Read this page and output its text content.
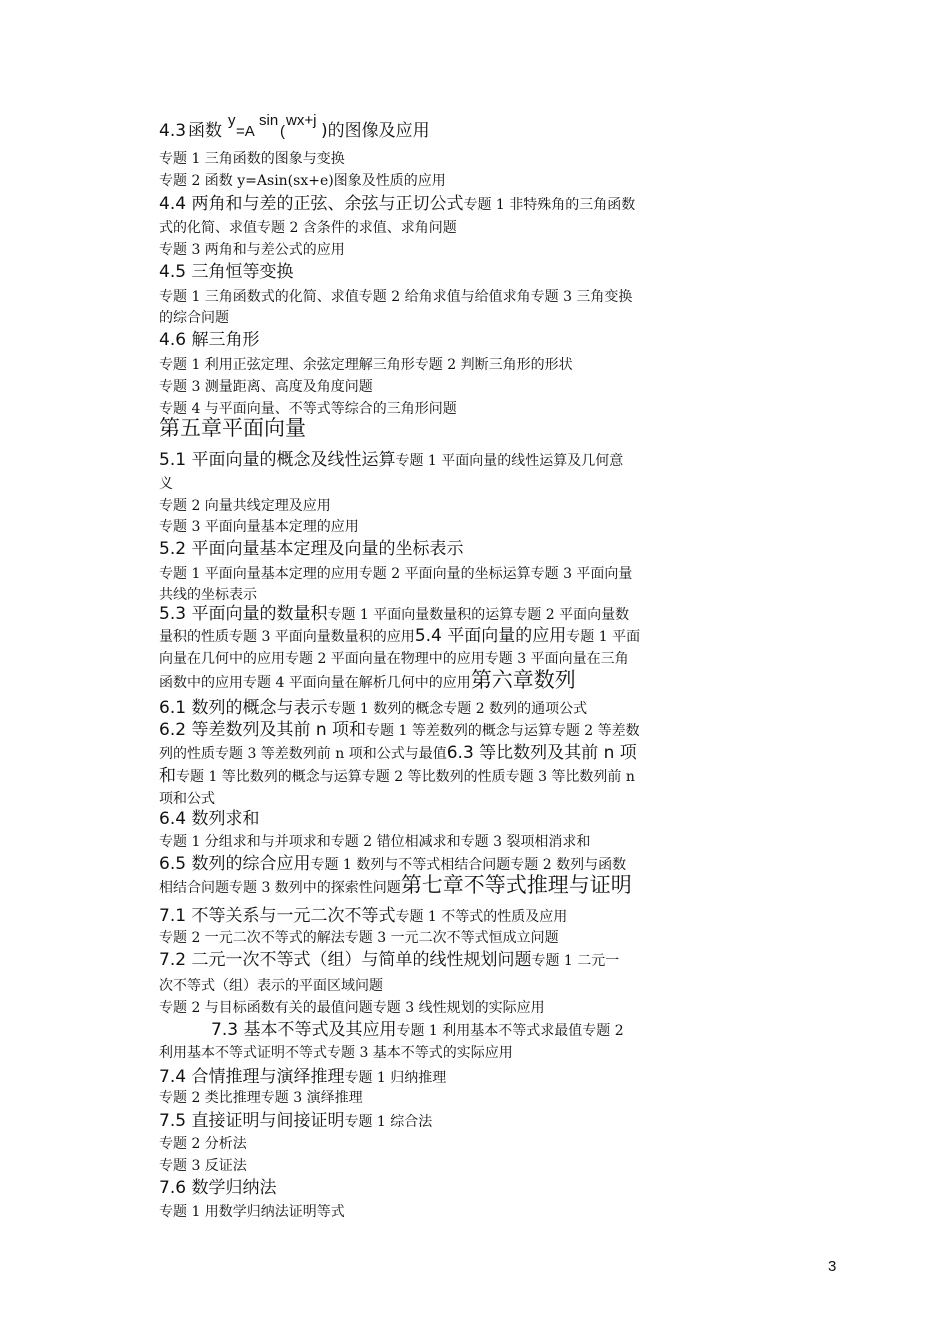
4.3 函数
y
=A
sin
(
wx+j
)的图像及应用
专题 1 三角函数的图象与变换
专题 2 函数 y=Asin(sx+e)图象及性质的应用
4.4 两角和与差的正弦、余弦与正切公式专题 1 非特殊角的三角函数
式的化简、求值专题 2 含条件的求值、求角问题
专题 3 两角和与差公式的应用
4.5 三角恒等变换
专题 1 三角函数式的化简、求值专题 2 给角求值与给值求角专题 3 三角变换
的综合问题
4.6 解三角形
专题 1 利用正弦定理、余弦定理解三角形专题 2 判断三角形的形状
专题 3 测量距离、高度及角度问题
专题 4 与平面向量、不等式等综合的三角形问题
第五章平面向量
5.1 平面向量的概念及线性运算专题 1 平面向量的线性运算及几何意
义
专题 2 向量共线定理及应用
专题 3 平面向量基本定理的应用
5.2 平面向量基本定理及向量的坐标表示
专题 1 平面向量基本定理的应用专题 2 平面向量的坐标运算专题 3 平面向量
共线的坐标表示
5.3 平面向量的数量积专题 1 平面向量数量积的运算专题 2 平面向量数
量积的性质专题 3 平面向量数量积的应用5.4 平面向量的应用专题 1 平面
向量在几何中的应用专题 2 平面向量在物理中的应用专题 3 平面向量在三角
函数中的应用专题 4 平面向量在解析几何中的应用第六章数列
6.1 数列的概念与表示专题 1 数列的概念专题 2 数列的通项公式
6.2 等差数列及其前 n 项和专题 1 等差数列的概念与运算专题 2 等差数
列的性质专题 3 等差数列前 n 项和公式与最值6.3 等比数列及其前 n 项
和专题 1 等比数列的概念与运算专题 2 等比数列的性质专题 3 等比数列前 n
项和公式
6.4 数列求和
专题 1 分组求和与并项求和专题 2 错位相减求和专题 3 裂项相消求和
6.5 数列的综合应用专题 1 数列与不等式相结合问题专题 2 数列与函数
相结合问题专题 3 数列中的探索性问题第七章不等式推理与证明
7.1 不等关系与一元二次不等式专题 1 不等式的性质及应用
专题 2 一元二次不等式的解法专题 3 一元二次不等式恒成立问题
7.2 二元一次不等式（组）与简单的线性规划问题专题 1 二元一
次不等式（组）表示的平面区域问题
专题 2 与目标函数有关的最值问题专题 3 线性规划的实际应用
7.3 基本不等式及其应用专题 1 利用基本不等式求最值专题 2
利用基本不等式证明不等式专题 3 基本不等式的实际应用
7.4 合情推理与演绎推理专题 1 归纳推理
专题 2 类比推理专题 3 演绎推理
7.5 直接证明与间接证明专题 1 综合法
专题 2 分析法
专题 3 反证法
7.6 数学归纳法
专题 1 用数学归纳法证明等式
3
